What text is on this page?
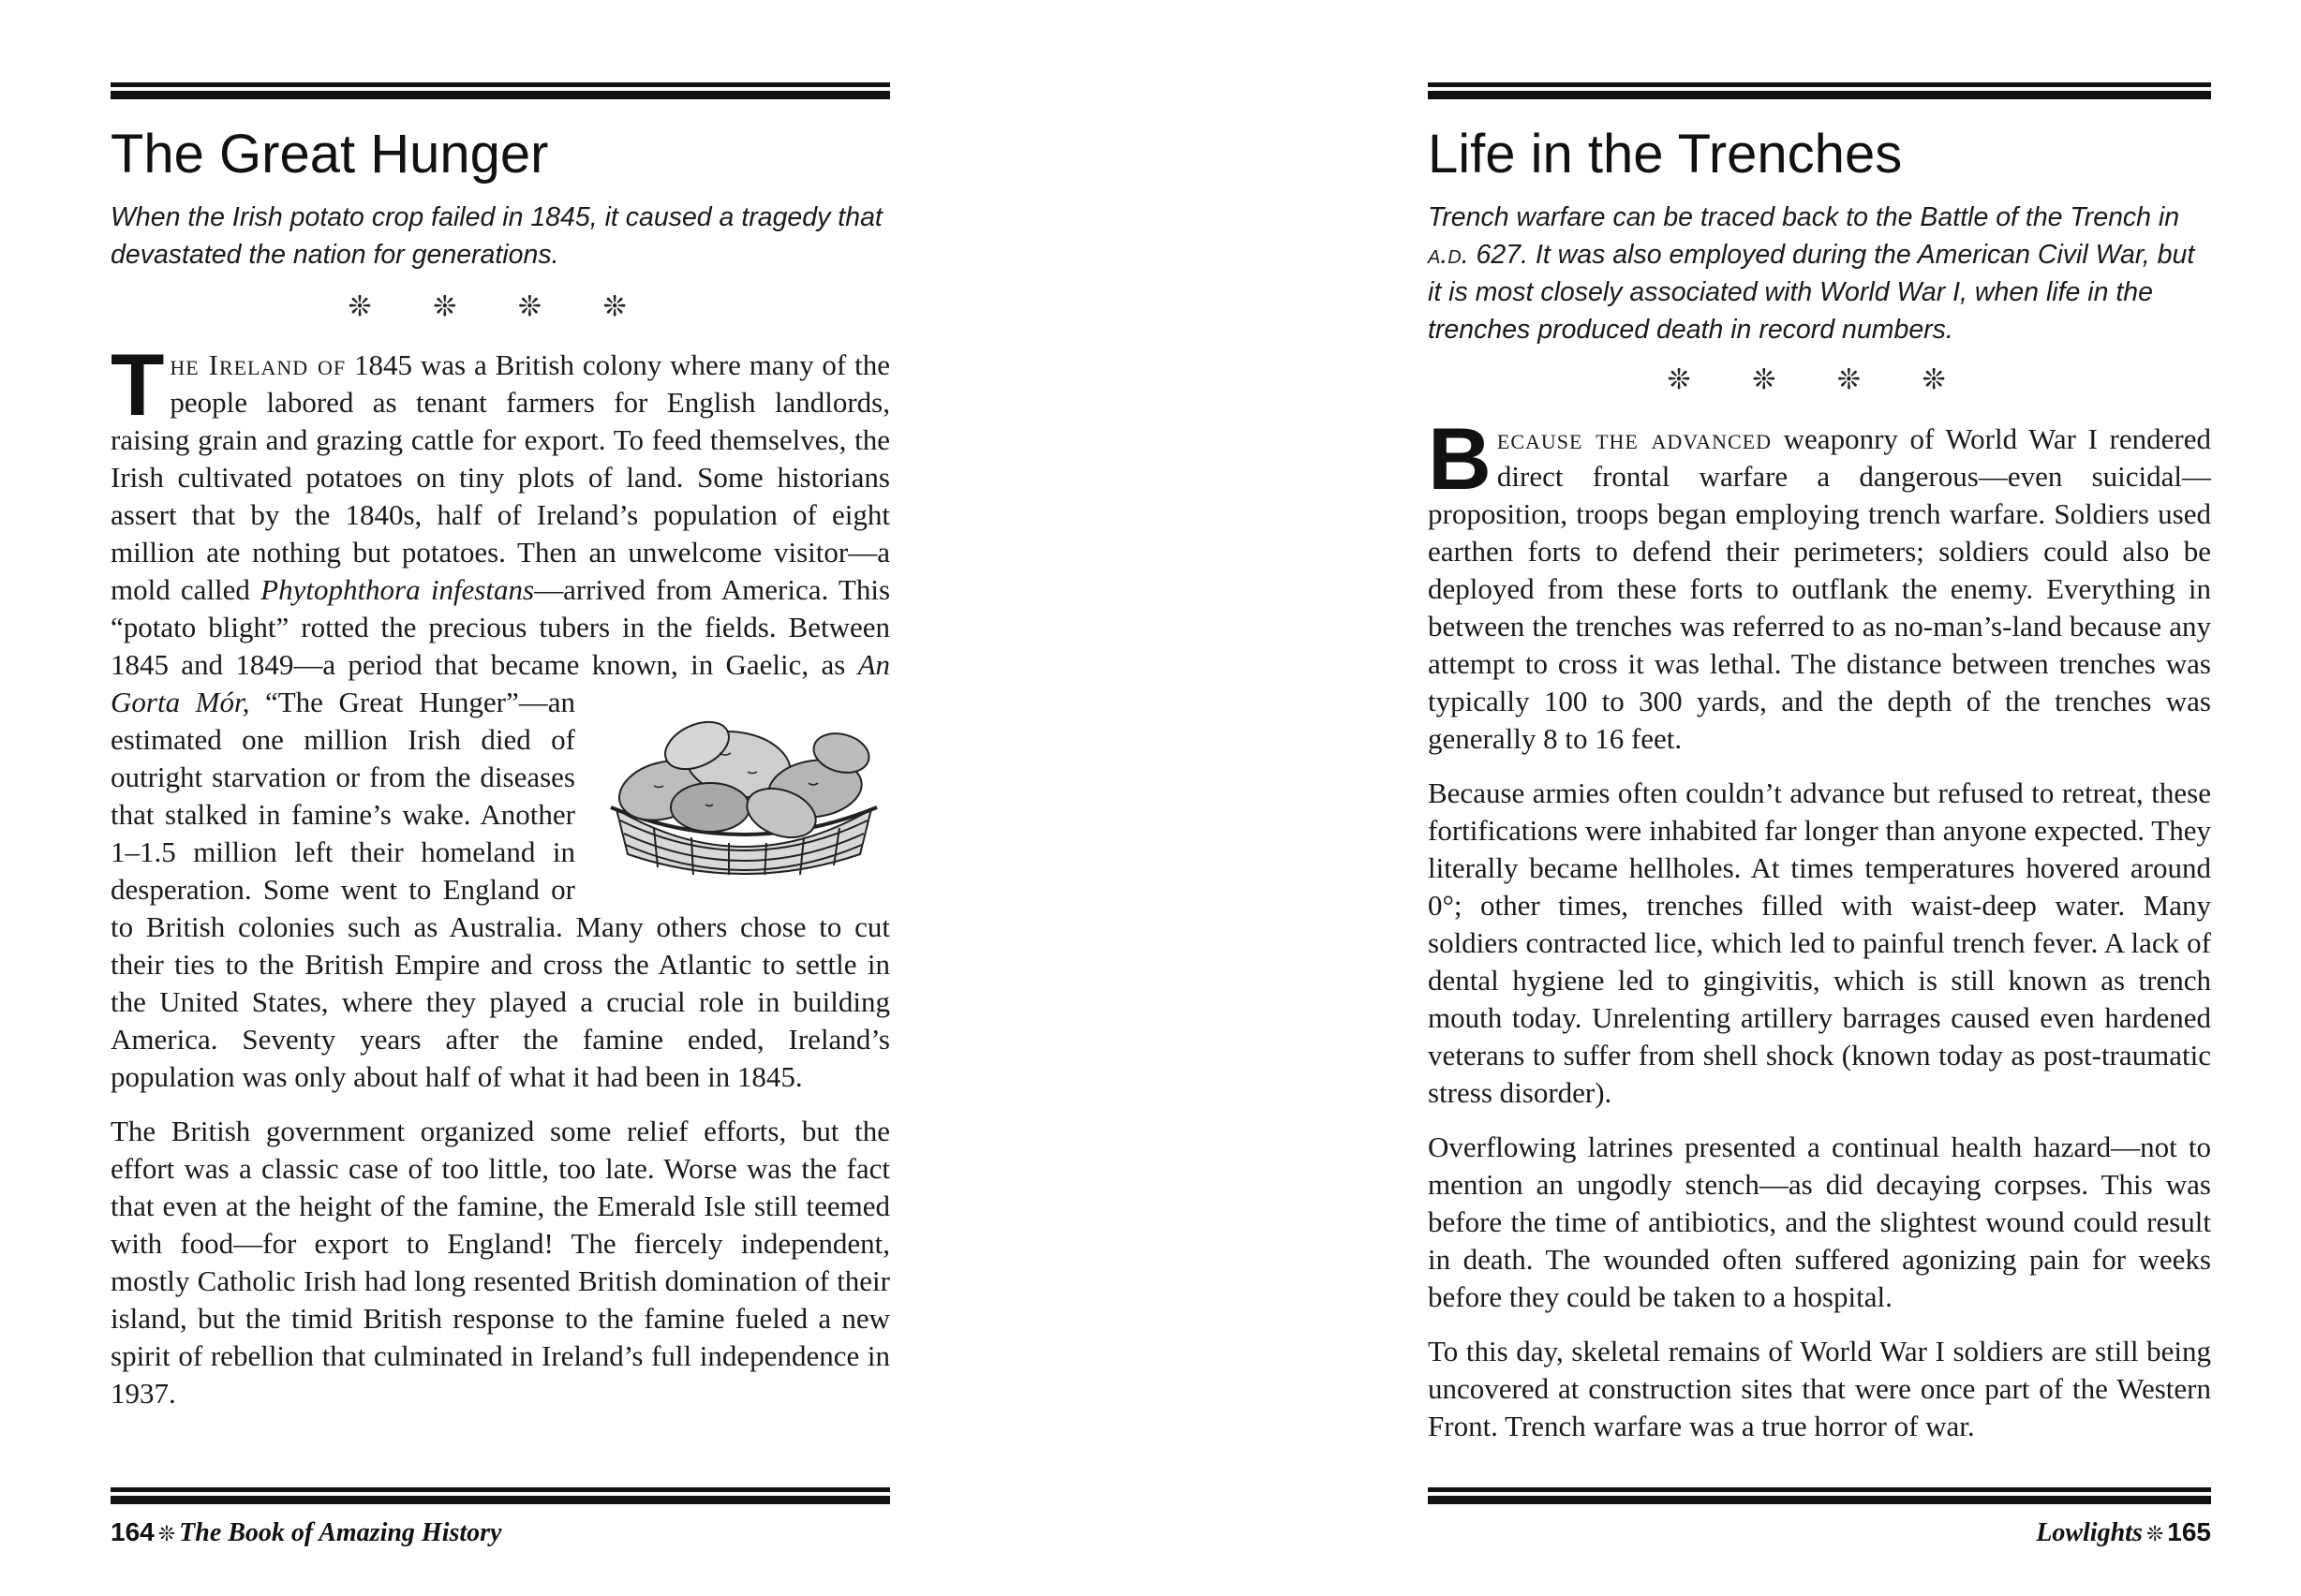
The Great Hunger

When the Irish potato crop failed in 1845, it caused a tragedy that devastated the nation for generations.

❊ ❊ ❊ ❊

The Ireland of 1845 was a British colony where many of the people labored as tenant farmers for English landlords, raising grain and grazing cattle for export. To feed themselves, the Irish cultivated potatoes on tiny plots of land. Some historians assert that by the 1840s, half of Ireland’s population of eight million ate nothing but potatoes. Then an unwelcome visitor—a mold called Phytophthora infestans—arrived from America. This “potato blight” rotted the precious tubers in the fields. Between 1845 and 1849—a period that became known, in Gaelic, as An Gorta Mór,
“The Great Hunger”—an estimated one million Irish died of outright starvation or from the diseases that stalked in famine’s wake. Another 1–1.5 million left their homeland in desperation. Some went to England or to British colonies such as Australia. Many others chose to cut their ties to the British Empire and cross the Atlantic to settle in the United States, where they played a crucial role in building America. Seventy years after the famine ended, Ireland’s population was only about half of what it had been in 1845.

The British government organized some relief efforts, but the effort was a classic case of too little, too late. Worse was the fact that even at the height of the famine, the Emerald Isle still teemed with food—for export to England! The fiercely independent, mostly Catholic Irish had long resented British domination of their island, but the timid British response to the famine fueled a new spirit of rebellion that culminated in Ireland’s full independence in 1937.

164 ❊ The Book of Amazing History
Life in the Trenches

Trench warfare can be traced back to the Battle of the Trench in a.d. 627. It was also employed during the American Civil War, but it is most closely associated with World War I, when life in the trenches produced death in record numbers.

❊ ❊ ❊ ❊

Because the advanced weaponry of World War I rendered direct frontal warfare a dangerous—even suicidal—proposition, troops began employing trench warfare. Soldiers used earthen forts to defend their perimeters; soldiers could also be deployed from these forts to outflank the enemy. Everything in between the trenches was referred to as no-man’s-land because any attempt to cross it was lethal. The distance between trenches was typically 100 to 300 yards, and the depth of the trenches was generally 8 to 16 feet.

Because armies often couldn’t advance but refused to retreat, these fortifications were inhabited far longer than anyone expected. They literally became hellholes. At times temperatures hovered around 0°; other times, trenches filled with waist-deep water. Many soldiers contracted lice, which led to painful trench fever. A lack of dental hygiene led to gingivitis, which is still known as trench mouth today. Unrelenting artillery barrages caused even hardened veterans to suffer from shell shock (known today as post-traumatic stress disorder).

Overflowing latrines presented a continual health hazard—not to mention an ungodly stench—as did decaying corpses. This was before the time of antibiotics, and the slightest wound could result in death. The wounded often suffered agonizing pain for weeks before they could be taken to a hospital.

To this day, skeletal remains of World War I soldiers are still being uncovered at construction sites that were once part of the Western Front. Trench warfare was a true horror of war.

Lowlights ❊ 165
